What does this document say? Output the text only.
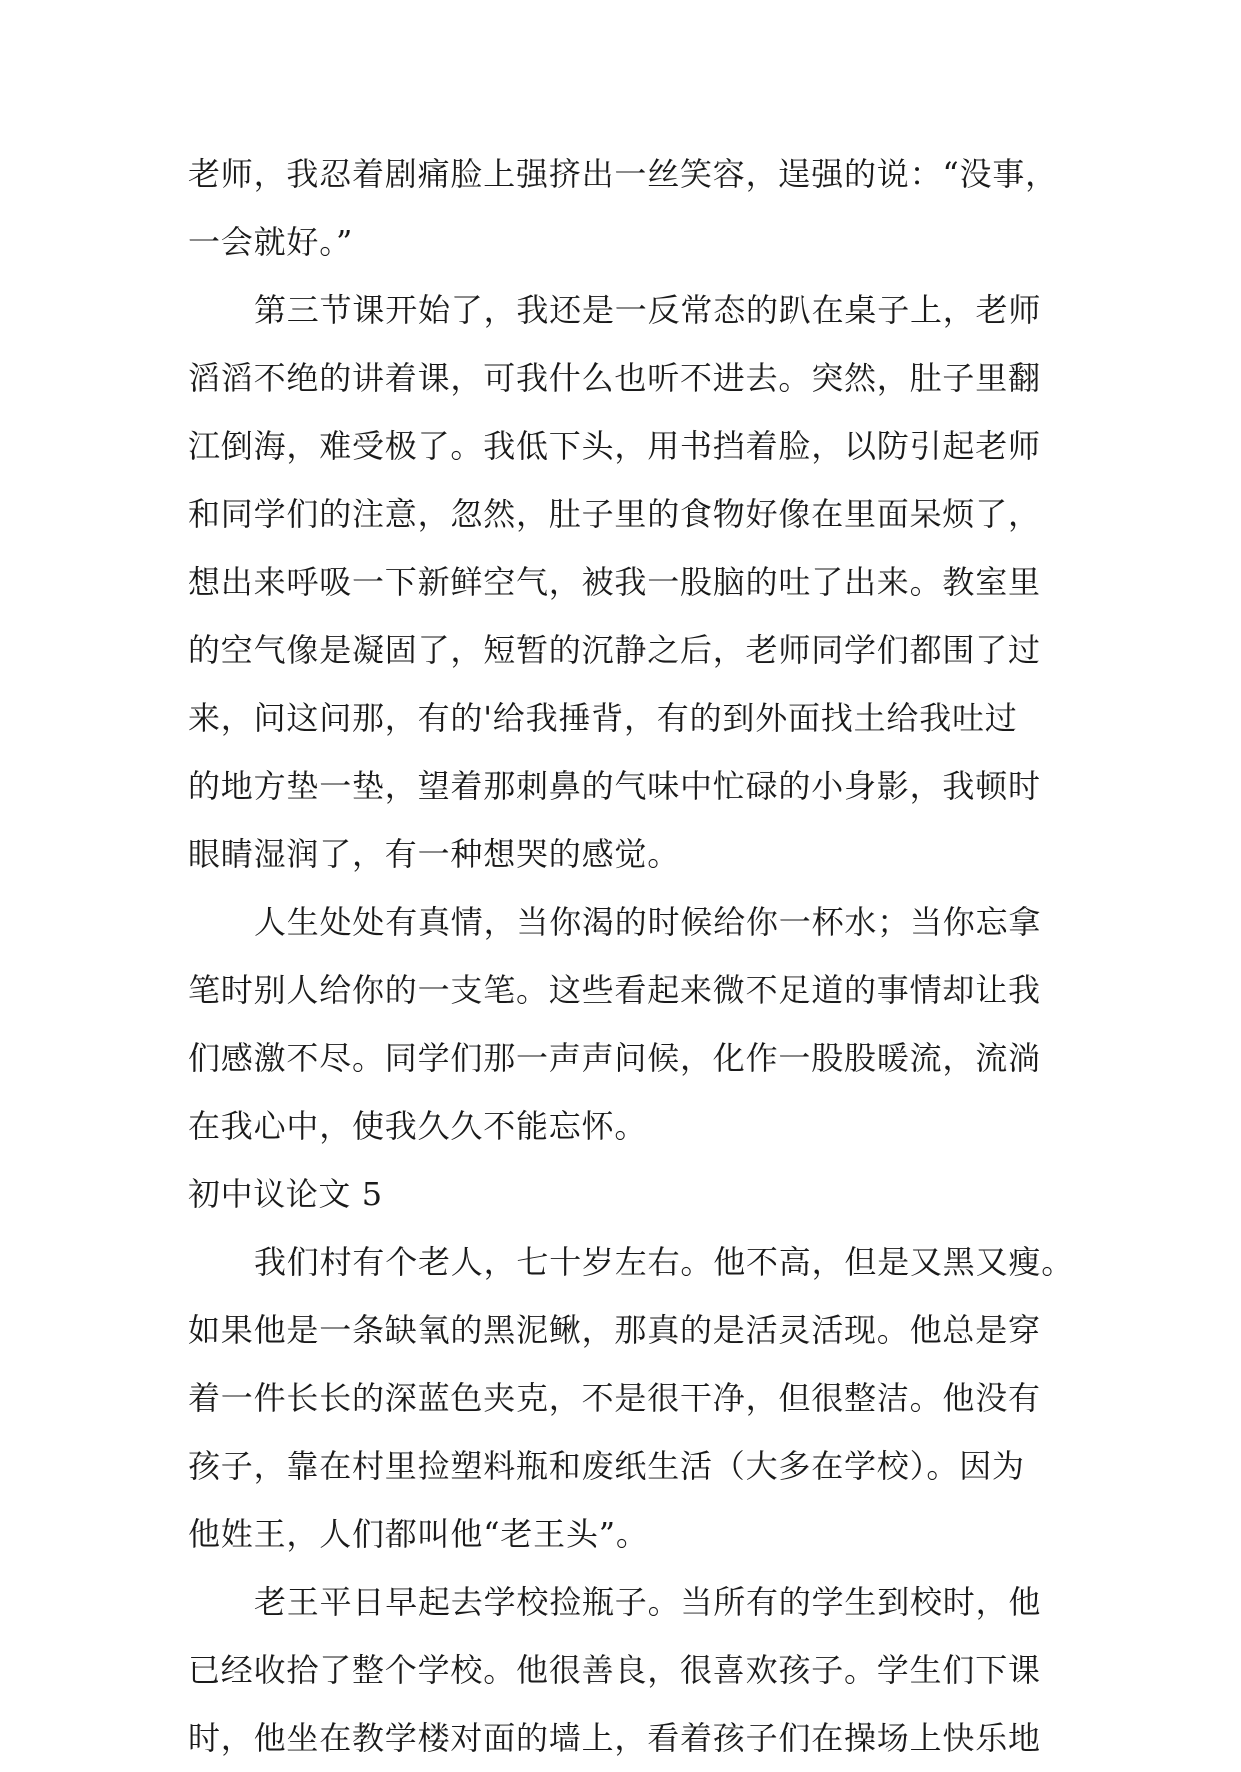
老师，我忍着剧痛脸上强挤出一丝笑容，逞强的说：“没事，
一会就好。”
第三节课开始了，我还是一反常态的趴在桌子上，老师
滔滔不绝的讲着课，可我什么也听不进去。突然，肚子里翻
江倒海，难受极了。我低下头，用书挡着脸，以防引起老师
和同学们的注意，忽然，肚子里的食物好像在里面呆烦了，
想出来呼吸一下新鲜空气，被我一股脑的吐了出来。教室里
的空气像是凝固了，短暂的沉静之后，老师同学们都围了过
来，问这问那，有的'给我捶背，有的到外面找土给我吐过
的地方垫一垫，望着那刺鼻的气味中忙碌的小身影，我顿时
眼睛湿润了，有一种想哭的感觉。
人生处处有真情，当你渴的时候给你一杯水；当你忘拿
笔时别人给你的一支笔。这些看起来微不足道的事情却让我
们感激不尽。同学们那一声声问候，化作一股股暖流，流淌
在我心中，使我久久不能忘怀。
初中议论文 5
我们村有个老人，七十岁左右。他不高，但是又黑又瘦。
如果他是一条缺氧的黑泥鳅，那真的是活灵活现。他总是穿
着一件长长的深蓝色夹克，不是很干净，但很整洁。他没有
孩子，靠在村里捡塑料瓶和废纸生活（大多在学校）。因为
他姓王，人们都叫他“老王头”。
老王平日早起去学校捡瓶子。当所有的学生到校时，他
已经收拾了整个学校。他很善良，很喜欢孩子。学生们下课
时，他坐在教学楼对面的墙上，看着孩子们在操场上快乐地
